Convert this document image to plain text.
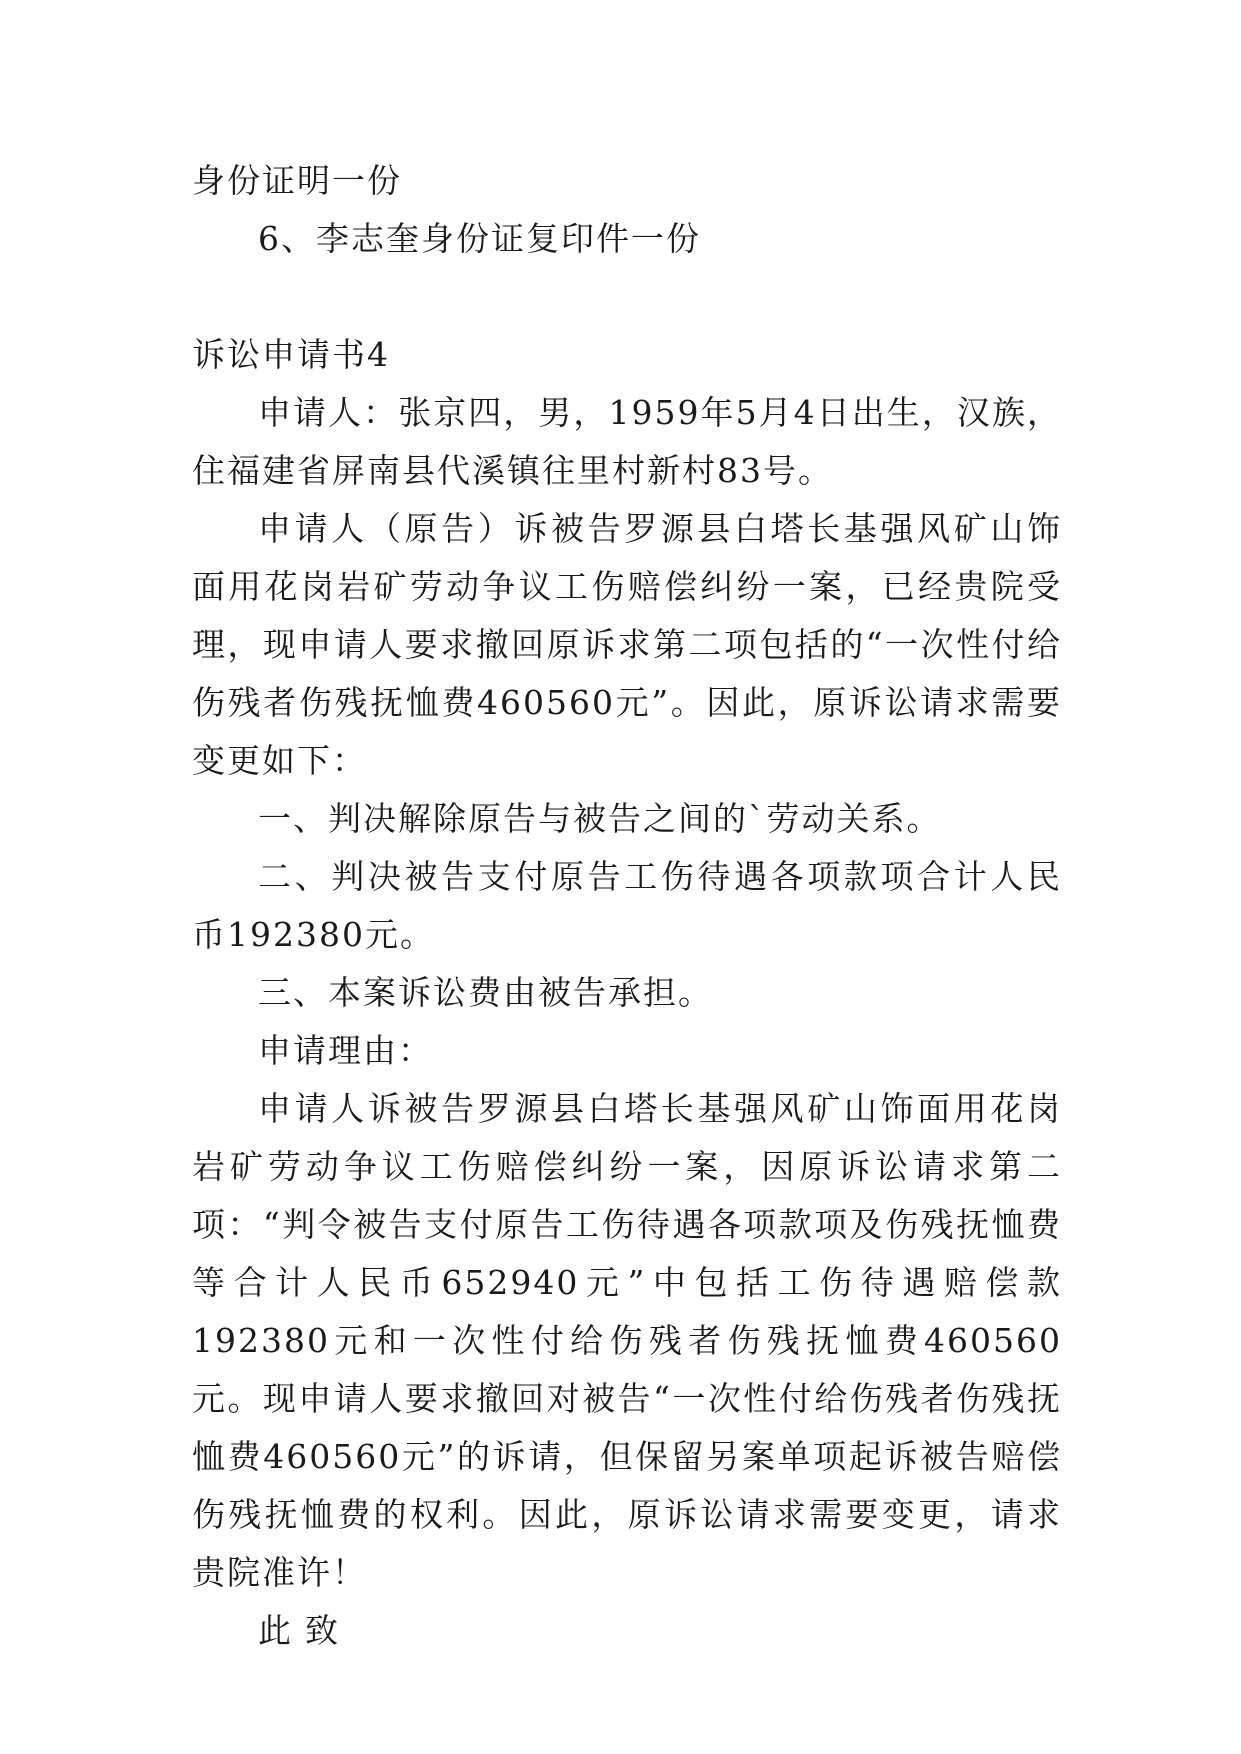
身份证明一份

6、李志奎身份证复印件一份

诉讼申请书4

申请人：张京四，男，1959年5月4日出生，汉族，住福建省屏南县代溪镇往里村新村83号。

申请人（原告）诉被告罗源县白塔长基强风矿山饰面用花岗岩矿劳动争议工伤赔偿纠纷一案，已经贵院受理，现申请人要求撤回原诉求第二项包括的“一次性付给伤残者伤残抚恤费460560元”。因此，原诉讼请求需要变更如下：

一、判决解除原告与被告之间的`劳动关系。

二、判决被告支付原告工伤待遇各项款项合计人民币192380元。

三、本案诉讼费由被告承担。

申请理由：

申请人诉被告罗源县白塔长基强风矿山饰面用花岗岩矿劳动争议工伤赔偿纠纷一案，因原诉讼请求第二项：“判令被告支付原告工伤待遇各项款项及伤残抚恤费等合计人民币652940元”中包括工伤待遇赔偿款192380元和一次性付给伤残者伤残抚恤费460560元。现申请人要求撤回对被告“一次性付给伤残者伤残抚恤费460560元”的诉请，但保留另案单项起诉被告赔偿伤残抚恤费的权利。因此，原诉讼请求需要变更，请求贵院准许！

此致
